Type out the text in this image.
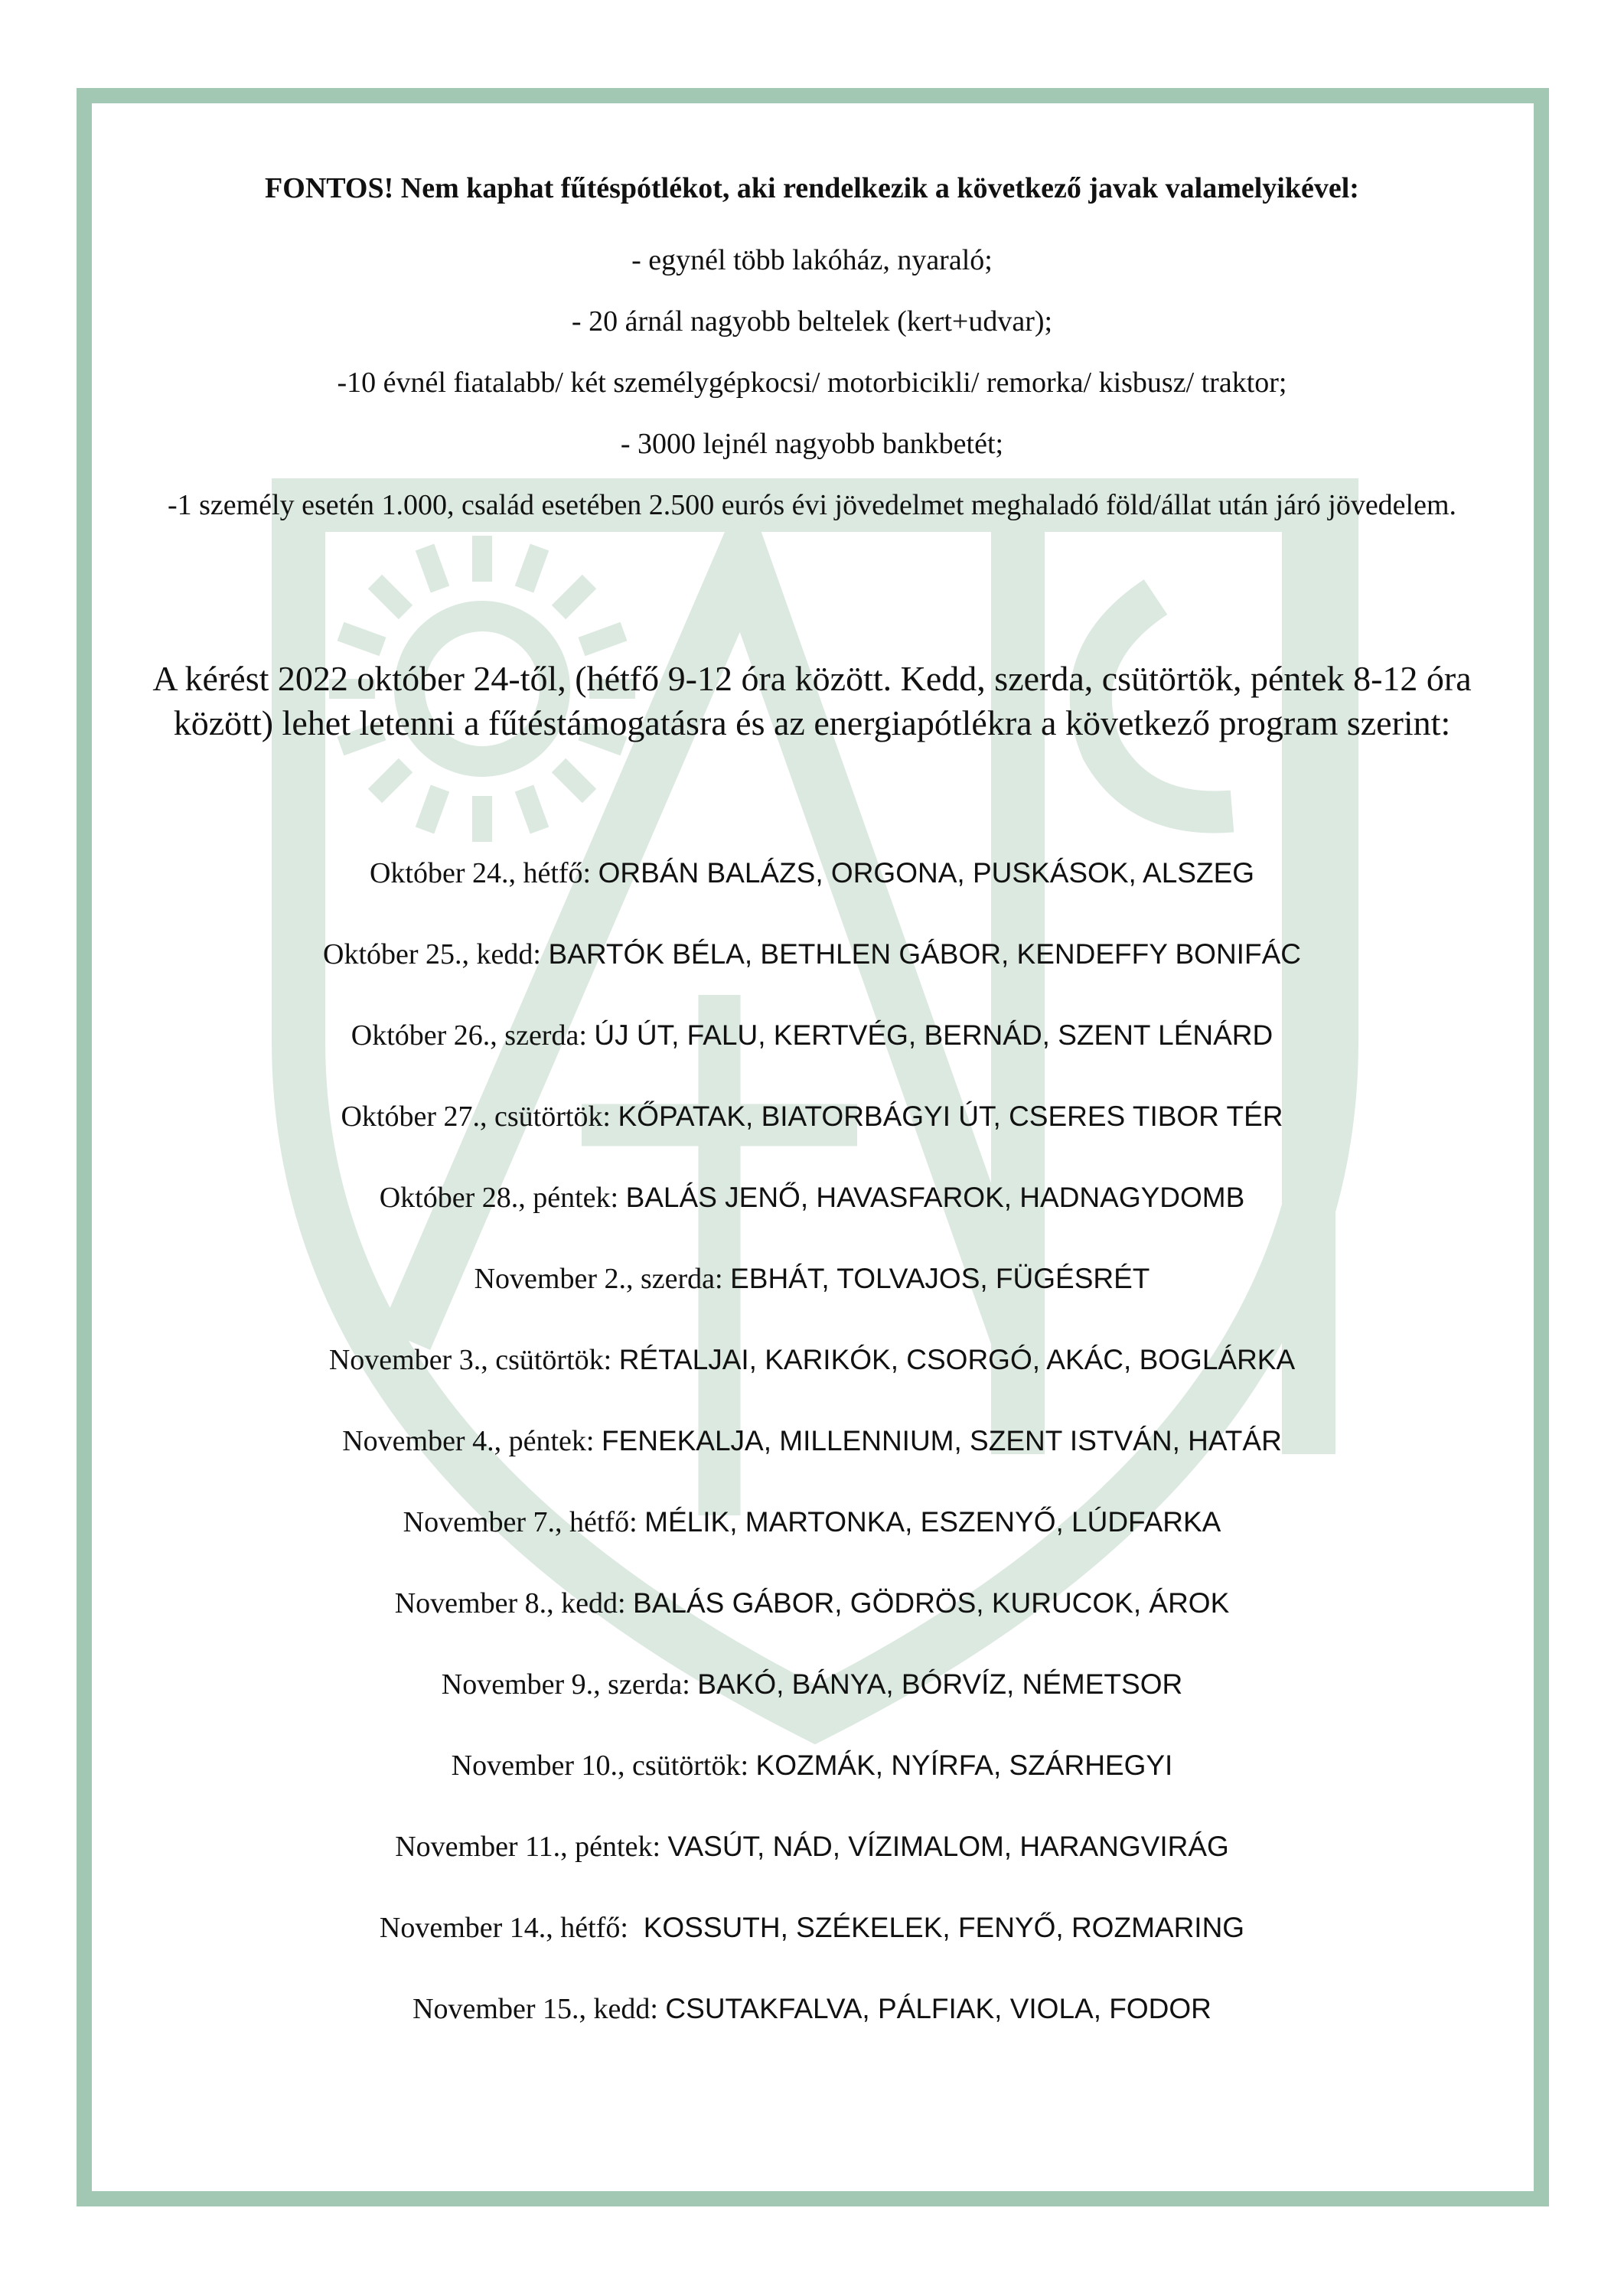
FONTOS! Nem kaphat fűtéspótlékot, aki rendelkezik a következő javak valamelyikével:
- egynél több lakóház, nyaraló;
- 20 árnál nagyobb beltelek (kert+udvar);
-10 évnél fiatalabb/ két személygépkocsi/ motorbicikli/ remorka/ kisbusz/ traktor;
- 3000 lejnél nagyobb bankbetét;
-1 személy esetén 1.000, család esetében 2.500 eurós évi jövedelmet meghaladó föld/állat után járó jövedelem.
A kérést 2022 október 24-től, (hétfő 9-12 óra között. Kedd, szerda, csütörtök, péntek 8-12 óra között) lehet letenni a fűtéstámogatásra és az energiapótlékra a következő program szerint:
Október 24., hétfő: ORBÁN BALÁZS, ORGONA, PUSKÁSOK, ALSZEG
Október 25., kedd: BARTÓK BÉLA, BETHLEN GÁBOR, KENDEFFY BONIFÁC
Október 26., szerda: ÚJ ÚT, FALU, KERTVÉG, BERNÁD, SZENT LÉNÁRD
Október 27., csütörtök: KŐPATAK, BIATORBÁGYI ÚT, CSERES TIBOR TÉR
Október 28., péntek: BALÁS JENŐ, HAVASFAROK, HADNAGYDOMB
November 2., szerda: EBHÁT, TOLVAJOS, FÜGÉSRÉT
November 3., csütörtök: RÉTALJAI, KARIKÓK, CSORGÓ, AKÁC, BOGLÁRKA
November 4., péntek: FENEKALJA, MILLENNIUM, SZENT ISTVÁN, HATÁR
November 7., hétfő: MÉLIK, MARTONKA, ESZENYŐ, LÚDFARKA
November 8., kedd: BALÁS GÁBOR, GÖDRÖS, KURUCOK, ÁROK
November 9., szerda: BAKÓ, BÁNYA, BÓRVÍZ, NÉMETSOR
November 10., csütörtök: KOZMÁK, NYÍRFA, SZÁRHEGYI
November 11., péntek: VASÚT, NÁD, VÍZIMALOM, HARANGVIRÁG
November 14., hétfő:  KOSSUTH, SZÉKELEK, FENYŐ, ROZMARING
November 15., kedd: CSUTAKFALVA, PÁLFIAK, VIOLA, FODOR
